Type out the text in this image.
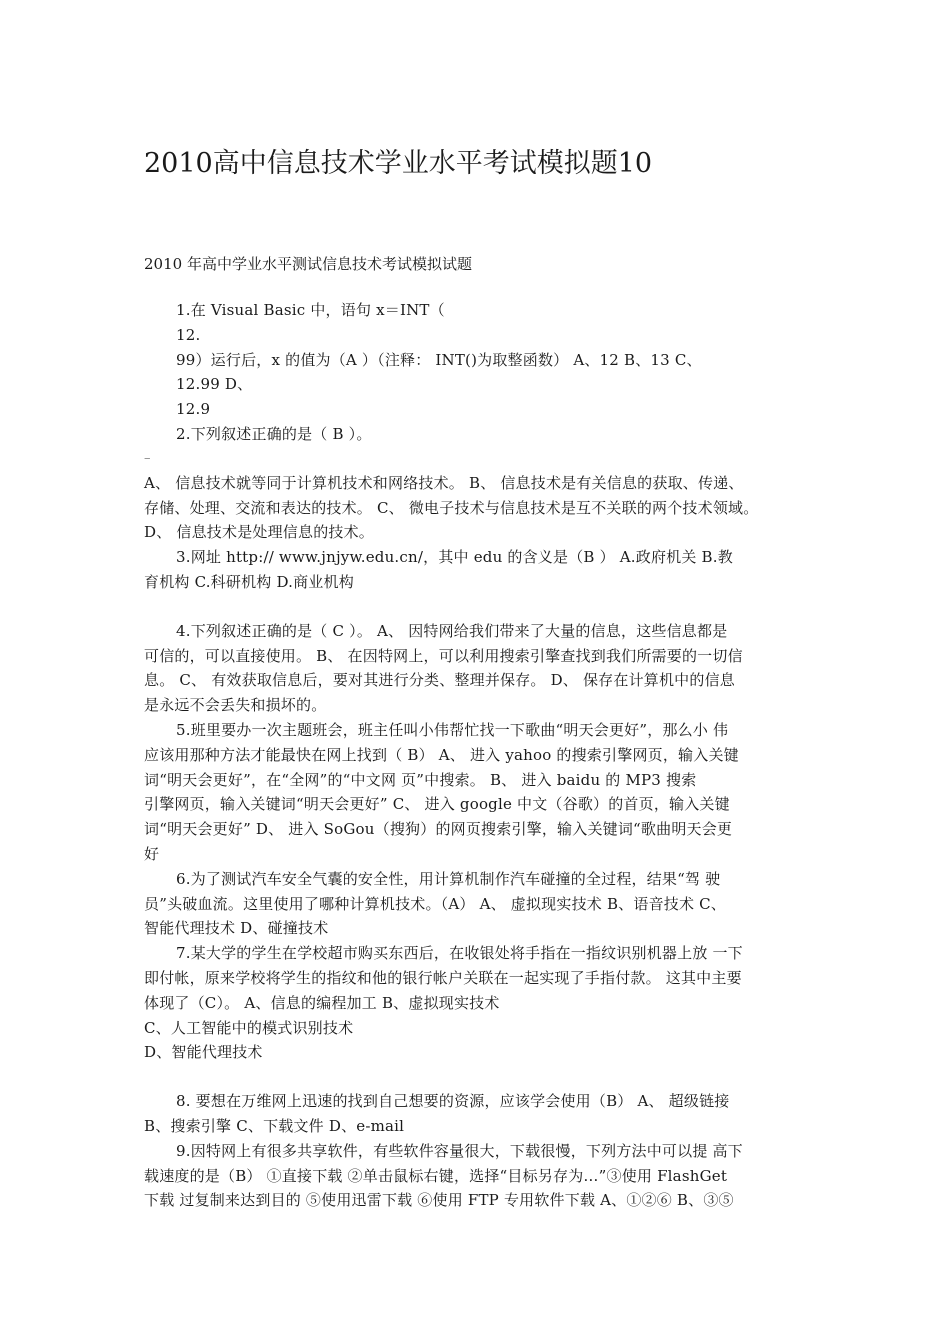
2010高中信息技术学业水平考试模拟题10
2010 年高中学业水平测试信息技术考试模拟试题

1.在 Visual Basic 中，语句 x＝INT（

12.

99）运行后，x 的值为（A ）（注释： INT()为取整函数） A、12 B、13 C、

12.99 D、

12.9

2.下列叙述正确的是（ B ）。

–

A、 信息技术就等同于计算机技术和网络技术。 B、 信息技术是有关信息的获取、传递、

存储、处理、交流和表达的技术。 C、 微电子技术与信息技术是互不关联的两个技术领域。

D、 信息技术是处理信息的技术。

3.网址 http:// www.jnjyw.edu.cn/，其中 edu 的含义是（B ） A.政府机关 B.教

育机构 C.科研机构 D.商业机构

4.下列叙述正确的是（ C ）。 A、 因特网给我们带来了大量的信息，这些信息都是

可信的，可以直接使用。 B、 在因特网上，可以利用搜索引擎查找到我们所需要的一切信

息。 C、 有效获取信息后，要对其进行分类、整理并保存。 D、 保存在计算机中的信息

是永远不会丢失和损坏的。

5.班里要办一次主题班会，班主任叫小伟帮忙找一下歌曲“明天会更好”，那么小 伟

应该用那种方法才能最快在网上找到（ B） A、 进入 yahoo 的搜索引擎网页，输入关键

词“明天会更好”，在“全网”的“中文网 页”中搜索。 B、 进入 baidu 的 MP3 搜索

引擎网页，输入关键词“明天会更好” C、 进入 google 中文（谷歌）的首页，输入关键

词“明天会更好” D、 进入 SoGou（搜狗）的网页搜索引擎，输入关键词“歌曲明天会更

好

6.为了测试汽车安全气囊的安全性，用计算机制作汽车碰撞的全过程，结果“驾 驶

员”头破血流。这里使用了哪种计算机技术。（A） A、 虚拟现实技术 B、语音技术 C、

智能代理技术 D、碰撞技术

7.某大学的学生在学校超市购买东西后，在收银处将手指在一指纹识别机器上放 一下

即付帐，原来学校将学生的指纹和他的银行帐户关联在一起实现了手指付款。 这其中主要

体现了（C）。 A、信息的编程加工 B、虚拟现实技术

C、人工智能中的模式识别技术

D、智能代理技术

8. 要想在万维网上迅速的找到自己想要的资源，应该学会使用（B） A、 超级链接

B、搜索引擎 C、下载文件 D、e-mail

9.因特网上有很多共享软件，有些软件容量很大，下载很慢，下列方法中可以提 高下

载速度的是（B） ①直接下载 ②单击鼠标右键，选择“目标另存为…”③使用 FlashGet

下载 过复制来达到目的 ⑤使用迅雷下载 ⑥使用 FTP 专用软件下载 A、①②⑥ B、③⑤
